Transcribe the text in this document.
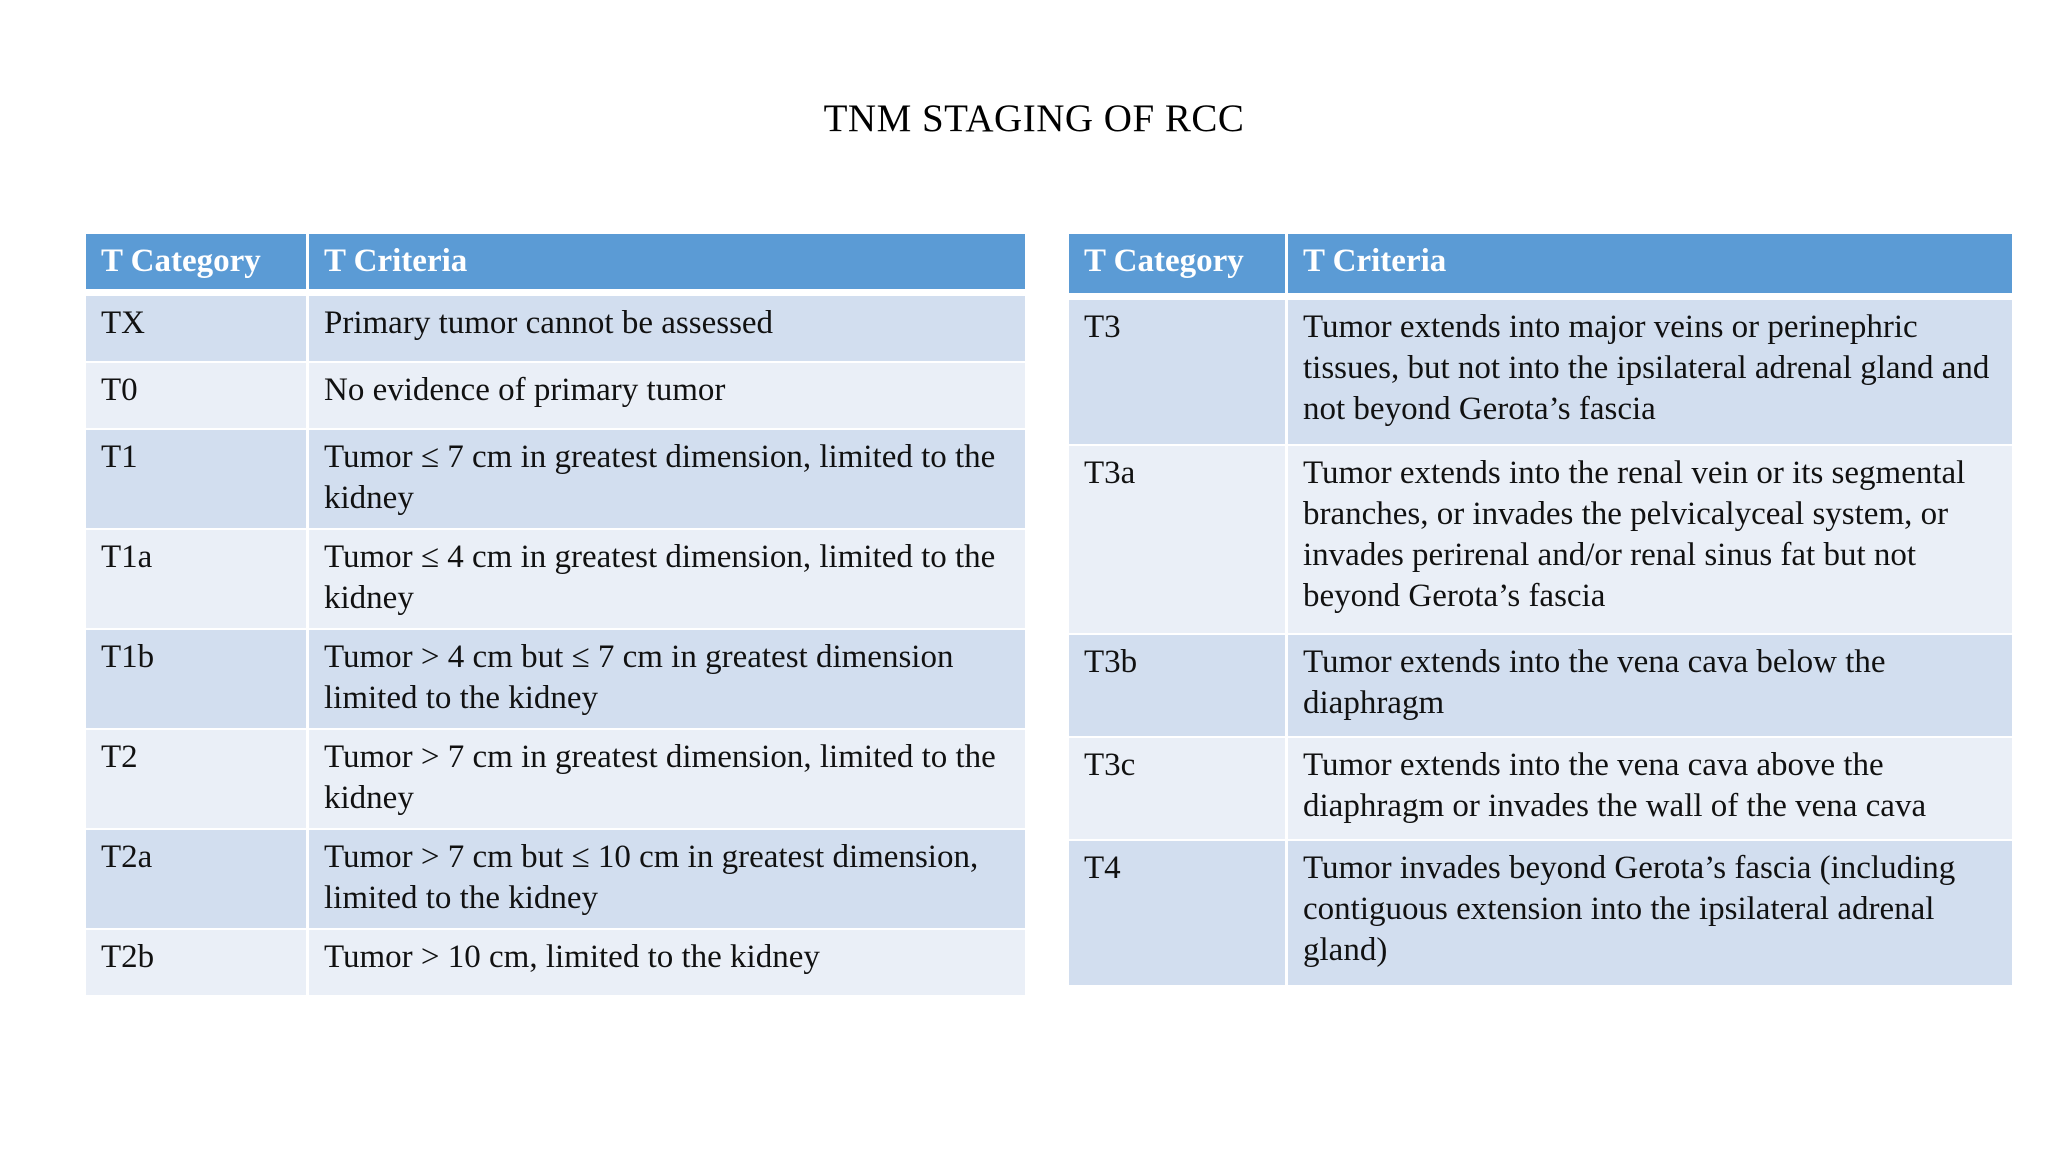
TNM STAGING OF RCC
T Category	T Criteria
TX	Primary tumor cannot be assessed
T0	No evidence of primary tumor
T1	Tumor ≤ 7 cm in greatest dimension, limited to the kidney
T1a	Tumor ≤ 4 cm in greatest dimension, limited to the kidney
T1b	Tumor > 4 cm but ≤ 7 cm in greatest dimension limited to the kidney
T2	Tumor > 7 cm in greatest dimension, limited to the kidney
T2a	Tumor > 7 cm but ≤ 10 cm in greatest dimension, limited to the kidney
T2b	Tumor > 10 cm, limited to the kidney
T Category	T Criteria
T3	Tumor extends into major veins or perinephric tissues, but not into the ipsilateral adrenal gland and not beyond Gerota’s fascia
T3a	Tumor extends into the renal vein or its segmental branches, or invades the pelvicalyceal system, or invades perirenal and/or renal sinus fat but not beyond Gerota’s fascia
T3b	Tumor extends into the vena cava below the diaphragm
T3c	Tumor extends into the vena cava above the diaphragm or invades the wall of the vena cava
T4	Tumor invades beyond Gerota’s fascia (including contiguous extension into the ipsilateral adrenal gland)
